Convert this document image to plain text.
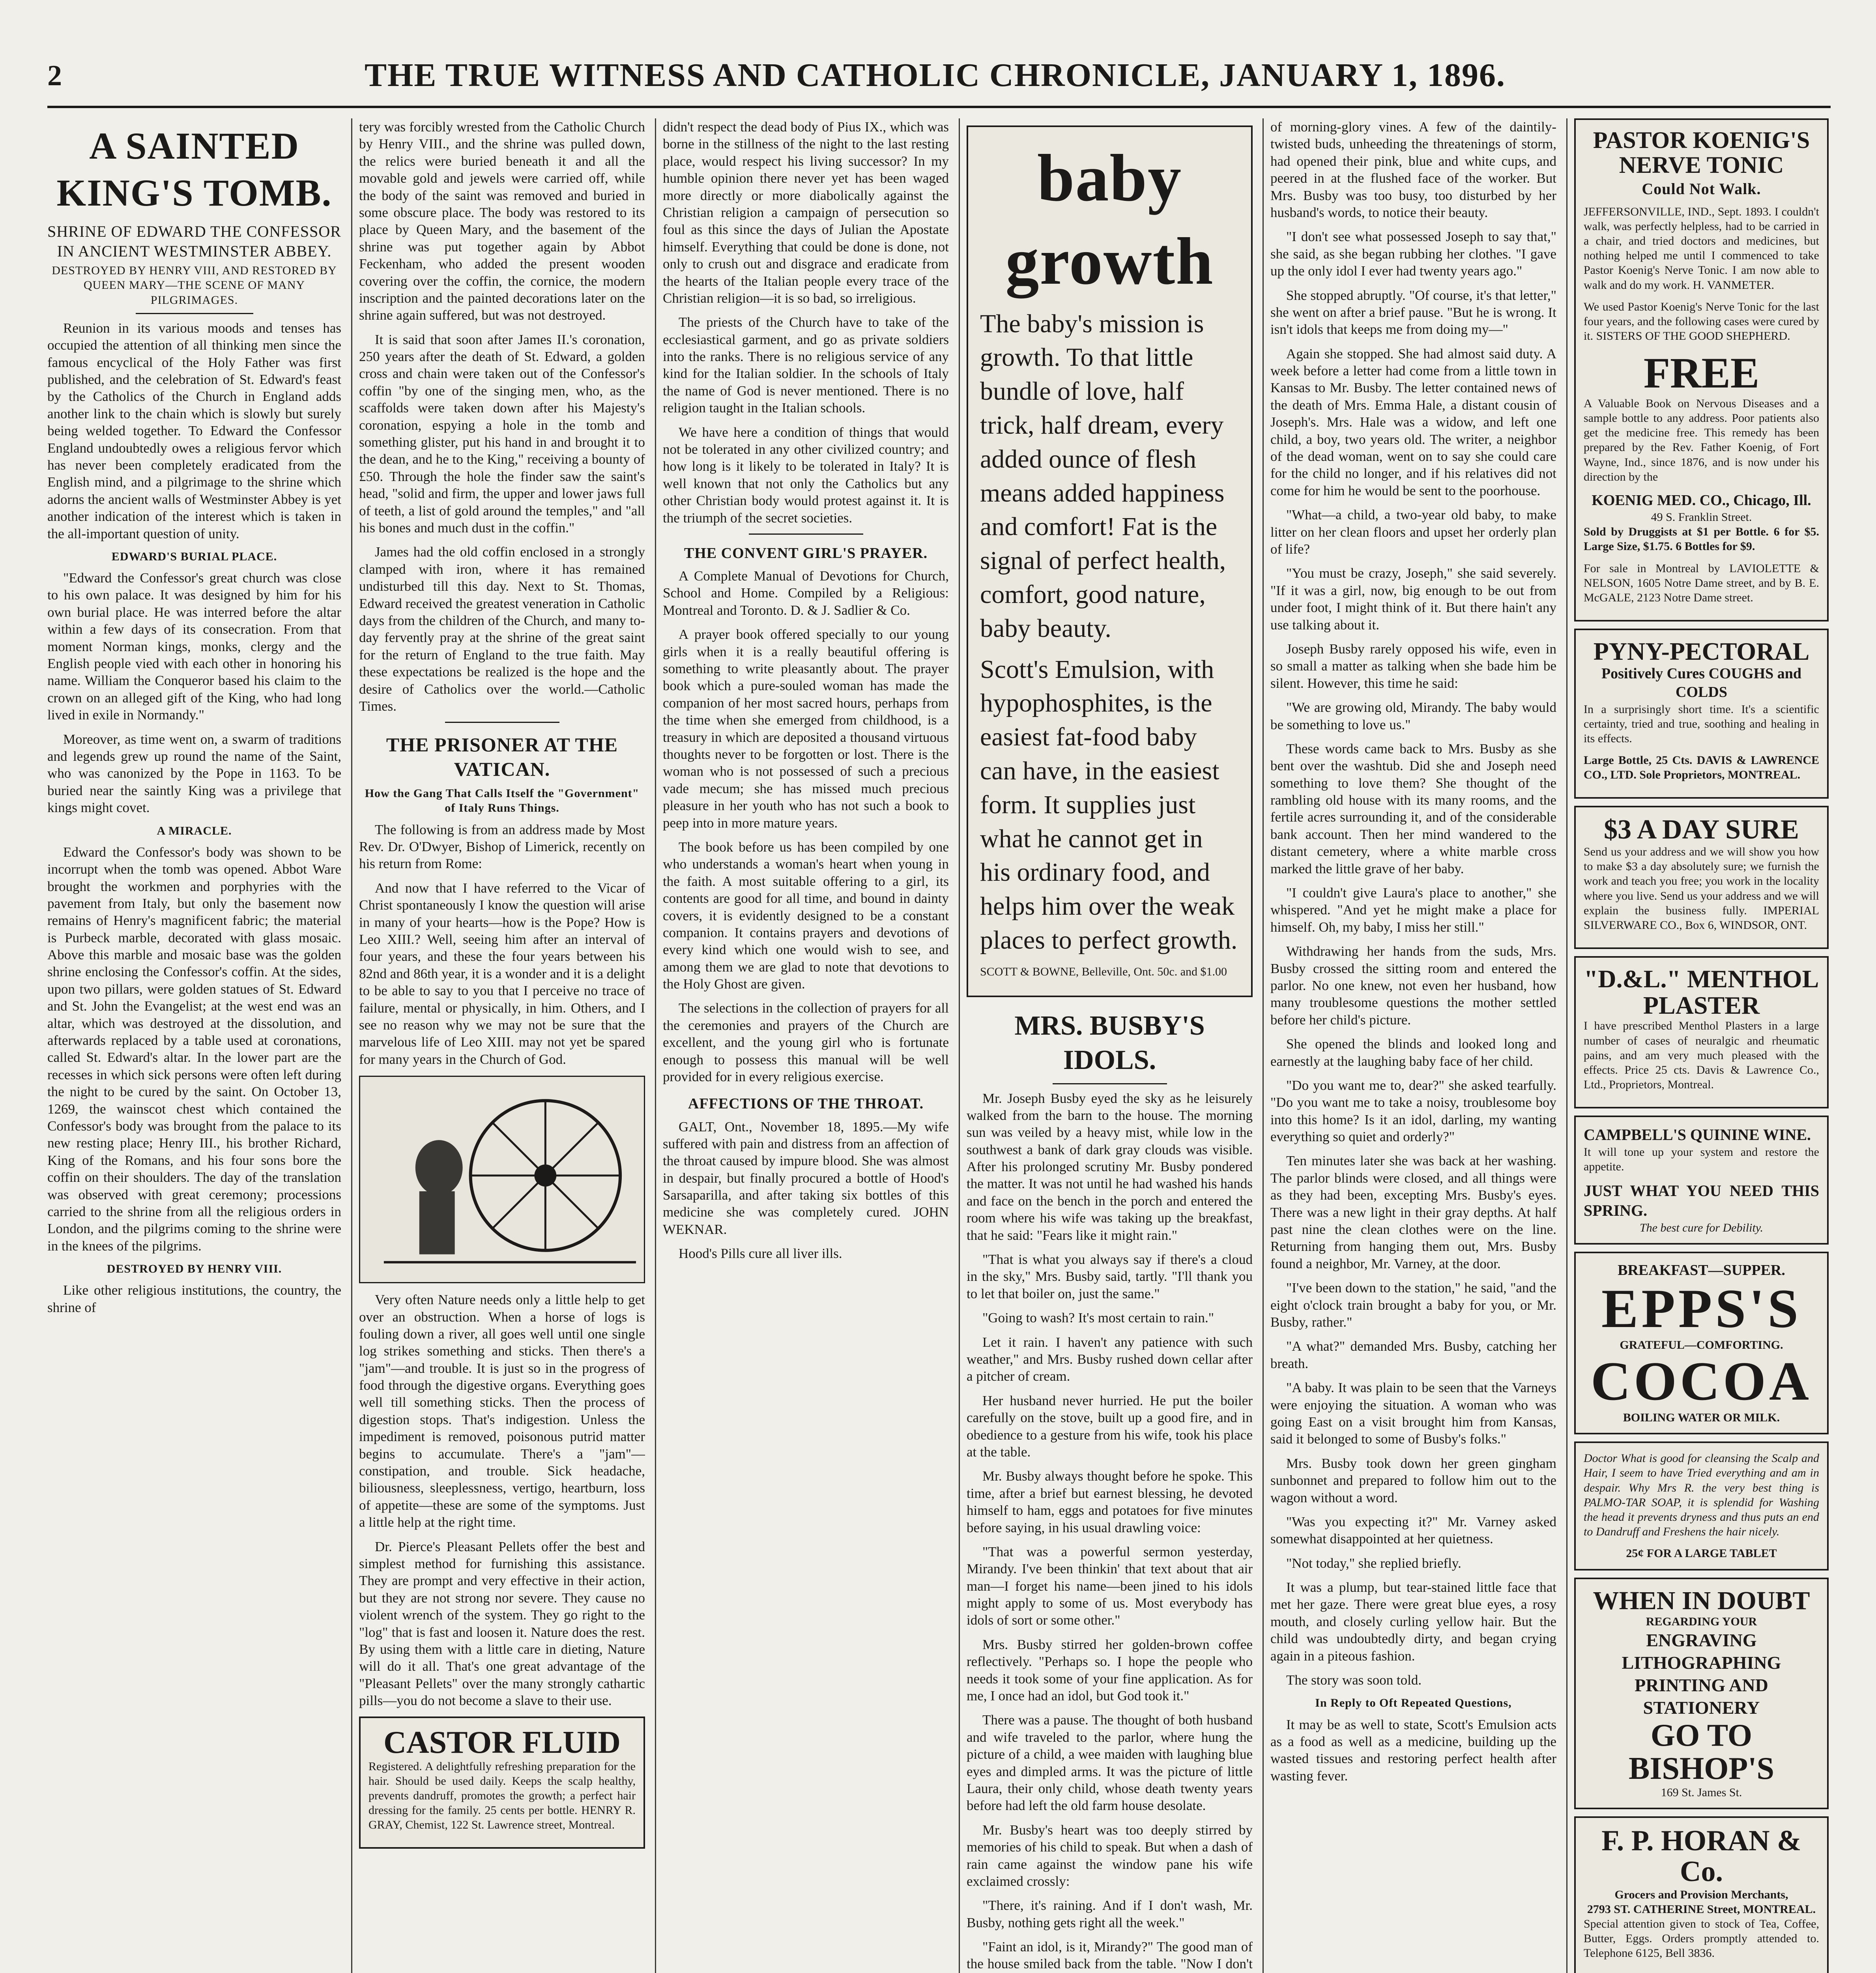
2	THE TRUE WITNESS AND CATHOLIC CHRONICLE, JANUARY 1, 1896.
A SAINTED KING'S TOMB.
SHRINE OF EDWARD THE CONFESSOR IN ANCIENT WESTMINSTER ABBEY.
DESTROYED BY HENRY VIII, AND RESTORED BY QUEEN MARY—THE SCENE OF MANY PILGRIMAGES.

Reunion in its various moods and tenses has occupied the attention of all thinking men since the famous encyclical of the Holy Father was first published, and the celebration of St. Edward's feast by the Catholics of the Church in England adds another link to the chain which is slowly but surely being welded together. To Edward the Confessor England undoubtedly owes a religious fervor which has never been completely eradicated from the English mind, and a pilgrimage to the shrine which adorns the ancient walls of Westminster Abbey is yet another indication of the interest which is taken in the all-important question of unity.

EDWARD'S BURIAL PLACE.

"Edward the Confessor's great church was close to his own palace. It was designed by him for his own burial place. He was interred before the altar within a few days of its consecration. From that moment Norman kings, monks, clergy and the English people vied with each other in honoring his name. William the Conqueror based his claim to the crown on an alleged gift of the King, who had long lived in exile in Normandy."

Moreover, as time went on, a swarm of traditions and legends grew up round the name of the Saint, who was canonized by the Pope in 1163. To be buried near the saintly King was a privilege that kings might covet.

A MIRACLE.

Edward the Confessor's body was shown to be incorrupt when the tomb was opened. Abbot Ware brought the workmen and porphyries with the pavement from Italy, but only the basement now remains of Henry's magnificent fabric; the material is Purbeck marble, decorated with glass mosaic. Above this marble and mosaic base was the golden shrine enclosing the Confessor's coffin. At the sides, upon two pillars, were golden statues of St. Edward and St. John the Evangelist; at the west end was an altar, which was destroyed at the dissolution, and afterwards replaced by a table used at coronations, called St. Edward's altar. In the lower part are the recesses in which sick persons were often left during the night to be cured by the saint. On October 13, 1269, the wainscot chest which contained the Confessor's body was brought from the palace to its new resting place; Henry III., his brother Richard, King of the Romans, and his four sons bore the coffin on their shoulders. The day of the translation was observed with great ceremony; processions carried to the shrine from all the religious orders in London, and the pilgrims coming to the shrine were in the knees of the pilgrims.

DESTROYED BY HENRY VIII.

Like other religious institutions, the country, the shrine of

tery was forcibly wrested from the Catholic Church by Henry VIII., and the shrine was pulled down, the relics were buried beneath it and all the movable gold and jewels were carried off, while the body of the saint was removed and buried in some obscure place. The body was restored to its place by Queen Mary, and the basement of the shrine was put together again by Abbot Feckenham, who added the present wooden covering over the coffin, the cornice, the modern inscription and the painted decorations later on the shrine again suffered, but was not destroyed.

It is said that soon after James II.'s coronation, 250 years after the death of St. Edward, a golden cross and chain were taken out of the Confessor's coffin "by one of the singing men, who, as the scaffolds were taken down after his Majesty's coronation, espying a hole in the tomb and something glister, put his hand in and brought it to the dean, and he to the King," receiving a bounty of £50. Through the hole the finder saw the saint's head, "solid and firm, the upper and lower jaws full of teeth, a list of gold around the temples," and "all his bones and much dust in the coffin."

James had the old coffin enclosed in a strongly clamped with iron, where it has remained undisturbed till this day. Next to St. Thomas, Edward received the greatest veneration in Catholic days from the children of the Church, and many to-day fervently pray at the shrine of the great saint for the return of England to the true faith. May these expectations be realized is the hope and the desire of Catholics over the world.—Catholic Times.

THE PRISONER AT THE VATICAN.
How the Gang That Calls Itself the "Government" of Italy Runs Things.

The following is from an address made by Most Rev. Dr. O'Dwyer, Bishop of Limerick, recently on his return from Rome:

And now that I have referred to the Vicar of Christ spontaneously I know the question will arise in many of your hearts—how is the Pope? How is Leo XIII.? Well, seeing him after an interval of four years, and these the four years between his 82nd and 86th year, it is a wonder and it is a delight to be able to say to you that I perceive no trace of failure, mental or physically, in him. Others, and I see no reason why we may not be sure that the marvelous life of Leo XIII. may not yet be spared for many years in the Church of God.

Very often Nature needs only a little help to get over an obstruction. When a horse of logs is fouling down a river, all goes well until one single log strikes something and sticks. Then there's a "jam"—and trouble. It is just so in the progress of food through the digestive organs. Everything goes well till something sticks. Then the process of digestion stops. That's indigestion. Unless the impediment is removed, poisonous putrid matter begins to accumulate. There's a "jam"—constipation, and trouble. Sick headache, biliousness, sleeplessness, vertigo, heartburn, loss of appetite—these are some of the symptoms. Just a little help at the right time.

Dr. Pierce's Pleasant Pellets offer the best and simplest method for furnishing this assistance. They are prompt and very effective in their action, but they are not strong nor severe. They cause no violent wrench of the system. They go right to the "log" that is fast and loosen it. Nature does the rest. By using them with a little care in dieting, Nature will do it all. That's one great advantage of the "Pleasant Pellets" over the many strongly cathartic pills—you do not become a slave to their use.

CASTOR FLUID

Registered. A delightfully refreshing preparation for the hair. Should be used daily. Keeps the scalp healthy, prevents dandruff, promotes the growth; a perfect hair dressing for the family. 25 cents per bottle. HENRY R. GRAY, Chemist, 122 St. Lawrence street, Montreal.

didn't respect the dead body of Pius IX., which was borne in the stillness of the night to the last resting place, would respect his living successor? In my humble opinion there never yet has been waged more directly or more diabolically against the Christian religion a campaign of persecution so foul as this since the days of Julian the Apostate himself. Everything that could be done is done, not only to crush out and disgrace and eradicate from the hearts of the Italian people every trace of the Christian religion—it is so bad, so irreligious.

The priests of the Church have to take of the ecclesiastical garment, and go as private soldiers into the ranks. There is no religious service of any kind for the Italian soldier. In the schools of Italy the name of God is never mentioned. There is no religion taught in the Italian schools.

We have here a condition of things that would not be tolerated in any other civilized country; and how long is it likely to be tolerated in Italy? It is well known that not only the Catholics but any other Christian body would protest against it. It is the triumph of the secret societies.

THE CONVENT GIRL'S PRAYER.

A Complete Manual of Devotions for Church, School and Home. Compiled by a Religious: Montreal and Toronto. D. & J. Sadlier & Co.

A prayer book offered specially to our young girls when it is a really beautiful offering is something to write pleasantly about. The prayer book which a pure-souled woman has made the companion of her most sacred hours, perhaps from the time when she emerged from childhood, is a treasury in which are deposited a thousand virtuous thoughts never to be forgotten or lost. There is the woman who is not possessed of such a precious vade mecum; she has missed much precious pleasure in her youth who has not such a book to peep into in more mature years.

The book before us has been compiled by one who understands a woman's heart when young in the faith. A most suitable offering to a girl, its contents are good for all time, and bound in dainty covers, it is evidently designed to be a constant companion. It contains prayers and devotions of every kind which one would wish to see, and among them we are glad to note that devotions to the Holy Ghost are given.

The selections in the collection of prayers for all the ceremonies and prayers of the Church are excellent, and the young girl who is fortunate enough to possess this manual will be well provided for in every religious exercise.

AFFECTIONS OF THE THROAT.

GALT, Ont., November 18, 1895.—My wife suffered with pain and distress from an affection of the throat caused by impure blood. She was almost in despair, but finally procured a bottle of Hood's Sarsaparilla, and after taking six bottles of this medicine she was completely cured. JOHN WEKNAR.

Hood's Pills cure all liver ills.

baby growth

The baby's mission is growth. To that little bundle of love, half trick, half dream, every added ounce of flesh means added happiness and comfort! Fat is the signal of perfect health, comfort, good nature, baby beauty.

Scott's Emulsion, with hypophosphites, is the easiest fat-food baby can have, in the easiest form. It supplies just what he cannot get in his ordinary food, and helps him over the weak places to perfect growth.

SCOTT & BOWNE, Belleville, Ont. 50c. and $1.00

MRS. BUSBY'S IDOLS.

Mr. Joseph Busby eyed the sky as he leisurely walked from the barn to the house. The morning sun was veiled by a heavy mist, while low in the southwest a bank of dark gray clouds was visible. After his prolonged scrutiny Mr. Busby pondered the matter. It was not until he had washed his hands and face on the bench in the porch and entered the room where his wife was taking up the breakfast, that he said: "Fears like it might rain."

"That is what you always say if there's a cloud in the sky," Mrs. Busby said, tartly. "I'll thank you to let that boiler on, just the same."

"Going to wash? It's most certain to rain."

Let it rain. I haven't any patience with such weather," and Mrs. Busby rushed down cellar after a pitcher of cream.

Her husband never hurried. He put the boiler carefully on the stove, built up a good fire, and in obedience to a gesture from his wife, took his place at the table.

Mr. Busby always thought before he spoke. This time, after a brief but earnest blessing, he devoted himself to ham, eggs and potatoes for five minutes before saying, in his usual drawling voice:

"That was a powerful sermon yesterday, Mirandy. I've been thinkin' that text about that air man—I forget his name—been jined to his idols might apply to some of us. Most everybody has idols of sort or some other."

Mrs. Busby stirred her golden-brown coffee reflectively. "Perhaps so. I hope the people who needs it took some of your fine application. As for me, I once had an idol, but God took it."

There was a pause. The thought of both husband and wife traveled to the parlor, where hung the picture of a child, a wee maiden with laughing blue eyes and dimpled arms. It was the picture of little Laura, their only child, whose death twenty years before had left the old farm house desolate.

Mr. Busby's heart was too deeply stirred by memories of his child to speak. But when a dash of rain came against the window pane his wife exclaimed crossly:

"There, it's raining. And if I don't wash, Mr. Busby, nothing gets right all the week."

"Faint an idol, is it, Mirandy?" The good man of the house smiled back from the table. "Now I don't

of morning-glory vines. A few of the daintily-twisted buds, unheeding the threatenings of storm, had opened their pink, blue and white cups, and peered in at the flushed face of the worker. But Mrs. Busby was too busy, too disturbed by her husband's words, to notice their beauty.

"I don't see what possessed Joseph to say that," she said, as she began rubbing her clothes. "I gave up the only idol I ever had twenty years ago."

She stopped abruptly. "Of course, it's that letter," she went on after a brief pause. "But he is wrong. It isn't idols that keeps me from doing my—"

Again she stopped. She had almost said duty. A week before a letter had come from a little town in Kansas to Mr. Busby. The letter contained news of the death of Mrs. Emma Hale, a distant cousin of Joseph's. Mrs. Hale was a widow, and left one child, a boy, two years old. The writer, a neighbor of the dead woman, went on to say she could care for the child no longer, and if his relatives did not come for him he would be sent to the poorhouse.

"What—a child, a two-year old baby, to make litter on her clean floors and upset her orderly plan of life?

"You must be crazy, Joseph," she said severely. "If it was a girl, now, big enough to be out from under foot, I might think of it. But there hain't any use talking about it.

Joseph Busby rarely opposed his wife, even in so small a matter as talking when she bade him be silent. However, this time he said:

"We are growing old, Mirandy. The baby would be something to love us."

These words came back to Mrs. Busby as she bent over the washtub. Did she and Joseph need something to love them? She thought of the rambling old house with its many rooms, and the fertile acres surrounding it, and of the considerable bank account. Then her mind wandered to the distant cemetery, where a white marble cross marked the little grave of her baby.

"I couldn't give Laura's place to another," she whispered. "And yet he might make a place for himself. Oh, my baby, I miss her still."

Withdrawing her hands from the suds, Mrs. Busby crossed the sitting room and entered the parlor. No one knew, not even her husband, how many troublesome questions the mother settled before her child's picture.

She opened the blinds and looked long and earnestly at the laughing baby face of her child.

"Do you want me to, dear?" she asked tearfully. "Do you want me to take a noisy, troublesome boy into this home? Is it an idol, darling, my wanting everything so quiet and orderly?"

Ten minutes later she was back at her washing. The parlor blinds were closed, and all things were as they had been, excepting Mrs. Busby's eyes. There was a new light in their gray depths. At half past nine the clean clothes were on the line. Returning from hanging them out, Mrs. Busby found a neighbor, Mr. Varney, at the door.

"I've been down to the station," he said, "and the eight o'clock train brought a baby for you, or Mr. Busby, rather."

"A what?" demanded Mrs. Busby, catching her breath.

"A baby. It was plain to be seen that the Varneys were enjoying the situation. A woman who was going East on a visit brought him from Kansas, said it belonged to some of Busby's folks."

Mrs. Busby took down her green gingham sunbonnet and prepared to follow him out to the wagon without a word.

"Was you expecting it?" Mr. Varney asked somewhat disappointed at her quietness.

"Not today," she replied briefly.

It was a plump, but tear-stained little face that met her gaze. There were great blue eyes, a rosy mouth, and closely curling yellow hair. But the child was undoubtedly dirty, and began crying again in a piteous fashion.

The story was soon told.

In Reply to Oft Repeated Questions,

It may be as well to state, Scott's Emulsion acts as a food as well as a medicine, building up the wasted tissues and restoring perfect health after wasting fever.

PASTOR KOENIG'S NERVE TONIC
Could Not Walk.

JEFFERSONVILLE, IND., Sept. 1893. I couldn't walk, was perfectly helpless, had to be carried in a chair, and tried doctors and medicines, but nothing helped me until I commenced to take Pastor Koenig's Nerve Tonic. I am now able to walk and do my work. H. VANMETER.

We used Pastor Koenig's Nerve Tonic for the last four years, and the following cases were cured by it. SISTERS OF THE GOOD SHEPHERD.

FREE

A Valuable Book on Nervous Diseases and a sample bottle to any address. Poor patients also get the medicine free. This remedy has been prepared by the Rev. Father Koenig, of Fort Wayne, Ind., since 1876, and is now under his direction by the

KOENIG MED. CO., Chicago, Ill.
49 S. Franklin Street.

Sold by Druggists at $1 per Bottle. 6 for $5. Large Size, $1.75. 6 Bottles for $9.

For sale in Montreal by LAVIOLETTE & NELSON, 1605 Notre Dame street, and by B. E. McGALE, 2123 Notre Dame street.

PYNY-PECTORAL
Positively Cures COUGHS and COLDS

In a surprisingly short time. It's a scientific certainty, tried and true, soothing and healing in its effects.

Large Bottle, 25 Cts. DAVIS & LAWRENCE CO., LTD. Sole Proprietors, MONTREAL.

$3 A DAY SURE

Send us your address and we will show you how to make $3 a day absolutely sure; we furnish the work and teach you free; you work in the locality where you live. Send us your address and we will explain the business fully. IMPERIAL SILVERWARE CO., Box 6, WINDSOR, ONT.

"D.&L." MENTHOL PLASTER

I have prescribed Menthol Plasters in a large number of cases of neuralgic and rheumatic pains, and am very much pleased with the effects. Price 25 cts. Davis & Lawrence Co., Ltd., Proprietors, Montreal.

CAMPBELL'S QUININE WINE.

It will tone up your system and restore the appetite.

JUST WHAT YOU NEED THIS SPRING.
The best cure for Debility.
BREAKFAST—SUPPER.
EPPS'S
GRATEFUL—COMFORTING.
COCOA
BOILING WATER OR MILK.

Doctor What is good for cleansing the Scalp and Hair, I seem to have Tried everything and am in despair. Why Mrs R. the very best thing is PALMO-TAR SOAP, it is splendid for Washing the head it prevents dryness and thus puts an end to Dandruff and Freshens the hair nicely.

25¢ FOR A LARGE TABLET
WHEN IN DOUBT
REGARDING YOUR
ENGRAVING LITHOGRAPHING PRINTING AND STATIONERY
GO TO BISHOP'S
169 St. James St.
F. P. HORAN & Co.
Grocers and Provision Merchants,
2793 ST. CATHERINE Street, MONTREAL.

Special attention given to stock of Tea, Coffee, Butter, Eggs. Orders promptly attended to. Telephone 6125, Bell 3836.
